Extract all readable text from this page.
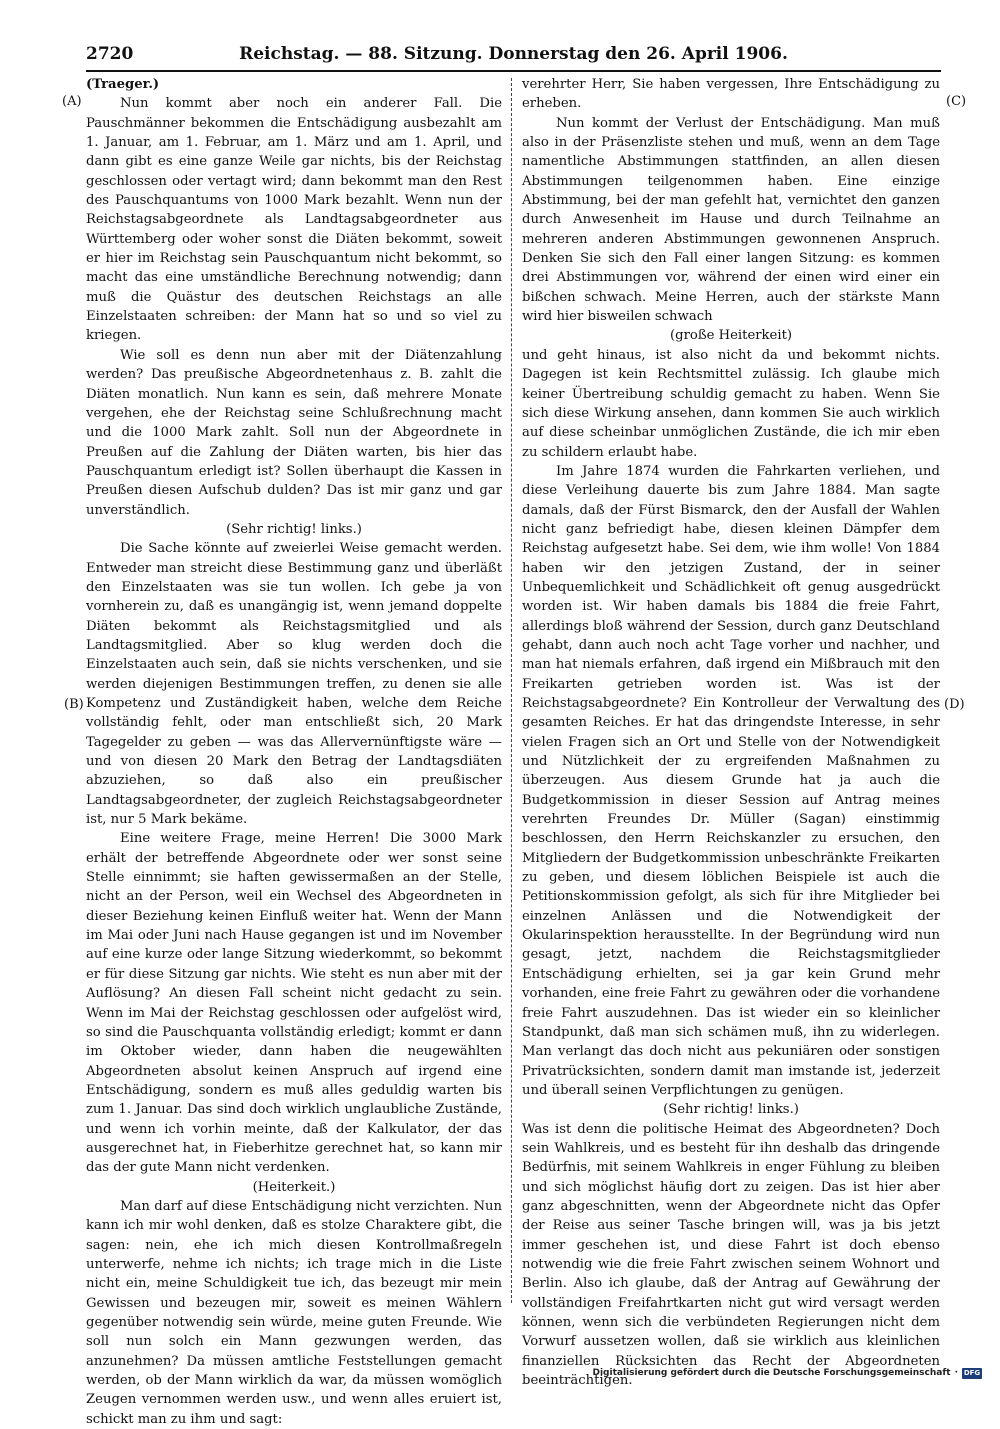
2720	Reichstag. — 88. Sitzung. Donnerstag den 26. April 1906.
(A)
(B)
(C)
(D)

(Traeger.)

Nun kommt aber noch ein anderer Fall. Die Pauschmänner bekommen die Entschädigung ausbezahlt am 1. Januar, am 1. Februar, am 1. März und am 1. April, und dann gibt es eine ganze Weile gar nichts, bis der Reichstag geschlossen oder vertagt wird; dann bekommt man den Rest des Pauschquantums von 1000 Mark bezahlt. Wenn nun der Reichstagsabgeordnete als Landtagsabgeordneter aus Württemberg oder woher sonst die Diäten bekommt, soweit er hier im Reichstag sein Pauschquantum nicht bekommt, so macht das eine umständliche Berechnung notwendig; dann muß die Quästur des deutschen Reichstags an alle Einzelstaaten schreiben: der Mann hat so und so viel zu kriegen.

Wie soll es denn nun aber mit der Diätenzahlung werden? Das preußische Abgeordnetenhaus z. B. zahlt die Diäten monatlich. Nun kann es sein, daß mehrere Monate vergehen, ehe der Reichstag seine Schlußrechnung macht und die 1000 Mark zahlt. Soll nun der Abgeordnete in Preußen auf die Zahlung der Diäten warten, bis hier das Pauschquantum erledigt ist? Sollen überhaupt die Kassen in Preußen diesen Aufschub dulden? Das ist mir ganz und gar unverständlich.

(Sehr richtig! links.)

Die Sache könnte auf zweierlei Weise gemacht werden. Entweder man streicht diese Bestimmung ganz und überläßt den Einzelstaaten was sie tun wollen. Ich gebe ja von vornherein zu, daß es unangängig ist, wenn jemand doppelte Diäten bekommt als Reichstagsmitglied und als Landtagsmitglied. Aber so klug werden doch die Einzelstaaten auch sein, daß sie nichts verschenken, und sie werden diejenigen Bestimmungen treffen, zu denen sie alle Kompetenz und Zuständigkeit haben, welche dem Reiche vollständig fehlt, oder man entschließt sich, 20 Mark Tagegelder zu geben — was das Allervernünftigste wäre — und von diesen 20 Mark den Betrag der Landtagsdiäten abzuziehen, so daß also ein preußischer Landtagsabgeordneter, der zugleich Reichstagsabgeordneter ist, nur 5 Mark bekäme.

Eine weitere Frage, meine Herren! Die 3000 Mark erhält der betreffende Abgeordnete oder wer sonst seine Stelle einnimmt; sie haften gewissermaßen an der Stelle, nicht an der Person, weil ein Wechsel des Abgeordneten in dieser Beziehung keinen Einfluß weiter hat. Wenn der Mann im Mai oder Juni nach Hause gegangen ist und im November auf eine kurze oder lange Sitzung wiederkommt, so bekommt er für diese Sitzung gar nichts. Wie steht es nun aber mit der Auflösung? An diesen Fall scheint nicht gedacht zu sein. Wenn im Mai der Reichstag geschlossen oder aufgelöst wird, so sind die Pauschquanta vollständig erledigt; kommt er dann im Oktober wieder, dann haben die neugewählten Abgeordneten absolut keinen Anspruch auf irgend eine Entschädigung, sondern es muß alles geduldig warten bis zum 1. Januar. Das sind doch wirklich unglaubliche Zustände, und wenn ich vorhin meinte, daß der Kalkulator, der das ausgerechnet hat, in Fieberhitze gerechnet hat, so kann mir das der gute Mann nicht verdenken.

(Heiterkeit.)

Man darf auf diese Entschädigung nicht verzichten. Nun kann ich mir wohl denken, daß es stolze Charaktere gibt, die sagen: nein, ehe ich mich diesen Kontrollmaßregeln unterwerfe, nehme ich nichts; ich trage mich in die Liste nicht ein, meine Schuldigkeit tue ich, das bezeugt mir mein Gewissen und bezeugen mir, soweit es meinen Wählern gegenüber notwendig sein würde, meine guten Freunde. Wie soll nun solch ein Mann gezwungen werden, das anzunehmen? Da müssen amtliche Feststellungen gemacht werden, ob der Mann wirklich da war, da müssen womöglich Zeugen vernommen werden usw., und wenn alles eruiert ist, schickt man zu ihm und sagt:

verehrter Herr, Sie haben vergessen, Ihre Entschädigung zu erheben.

Nun kommt der Verlust der Entschädigung. Man muß also in der Präsenzliste stehen und muß, wenn an dem Tage namentliche Abstimmungen stattfinden, an allen diesen Abstimmungen teilgenommen haben. Eine einzige Abstimmung, bei der man gefehlt hat, vernichtet den ganzen durch Anwesenheit im Hause und durch Teilnahme an mehreren anderen Abstimmungen gewonnenen Anspruch. Denken Sie sich den Fall einer langen Sitzung: es kommen drei Abstimmungen vor, während der einen wird einer ein bißchen schwach. Meine Herren, auch der stärkste Mann wird hier bisweilen schwach

(große Heiterkeit)

und geht hinaus, ist also nicht da und bekommt nichts. Dagegen ist kein Rechtsmittel zulässig. Ich glaube mich keiner Übertreibung schuldig gemacht zu haben. Wenn Sie sich diese Wirkung ansehen, dann kommen Sie auch wirklich auf diese scheinbar unmöglichen Zustände, die ich mir eben zu schildern erlaubt habe.

Im Jahre 1874 wurden die Fahrkarten verliehen, und diese Verleihung dauerte bis zum Jahre 1884. Man sagte damals, daß der Fürst Bismarck, den der Ausfall der Wahlen nicht ganz befriedigt habe, diesen kleinen Dämpfer dem Reichstag aufgesetzt habe. Sei dem, wie ihm wolle! Von 1884 haben wir den jetzigen Zustand, der in seiner Unbequemlichkeit und Schädlichkeit oft genug ausgedrückt worden ist. Wir haben damals bis 1884 die freie Fahrt, allerdings bloß während der Session, durch ganz Deutschland gehabt, dann auch noch acht Tage vorher und nachher, und man hat niemals erfahren, daß irgend ein Mißbrauch mit den Freikarten getrieben worden ist. Was ist der Reichstagsabgeordnete? Ein Kontrolleur der Verwaltung des gesamten Reiches. Er hat das dringendste Interesse, in sehr vielen Fragen sich an Ort und Stelle von der Notwendigkeit und Nützlichkeit der zu ergreifenden Maßnahmen zu überzeugen. Aus diesem Grunde hat ja auch die Budgetkommission in dieser Session auf Antrag meines verehrten Freundes Dr. Müller (Sagan) einstimmig beschlossen, den Herrn Reichskanzler zu ersuchen, den Mitgliedern der Budgetkommission unbeschränkte Freikarten zu geben, und diesem löblichen Beispiele ist auch die Petitionskommission gefolgt, als sich für ihre Mitglieder bei einzelnen Anlässen und die Notwendigkeit der Okularinspektion herausstellte. In der Begründung wird nun gesagt, jetzt, nachdem die Reichstagsmitglieder Entschädigung erhielten, sei ja gar kein Grund mehr vorhanden, eine freie Fahrt zu gewähren oder die vorhandene freie Fahrt auszudehnen. Das ist wieder ein so kleinlicher Standpunkt, daß man sich schämen muß, ihn zu widerlegen. Man verlangt das doch nicht aus pekuniären oder sonstigen Privatrücksichten, sondern damit man imstande ist, jederzeit und überall seinen Verpflichtungen zu genügen.

(Sehr richtig! links.)

Was ist denn die politische Heimat des Abgeordneten? Doch sein Wahlkreis, und es besteht für ihn deshalb das dringende Bedürfnis, mit seinem Wahlkreis in enger Fühlung zu bleiben und sich möglichst häufig dort zu zeigen. Das ist hier aber ganz abgeschnitten, wenn der Abgeordnete nicht das Opfer der Reise aus seiner Tasche bringen will, was ja bis jetzt immer geschehen ist, und diese Fahrt ist doch ebenso notwendig wie die freie Fahrt zwischen seinem Wohnort und Berlin. Also ich glaube, daß der Antrag auf Gewährung der vollständigen Freifahrtkarten nicht gut wird versagt werden können, wenn sich die verbündeten Regierungen nicht dem Vorwurf aussetzen wollen, daß sie wirklich aus kleinlichen finanziellen Rücksichten das Recht der Abgeordneten beeinträchtigen.

Digitalisierung gefördert durch die Deutsche Forschungsgemeinschaft · DFG
